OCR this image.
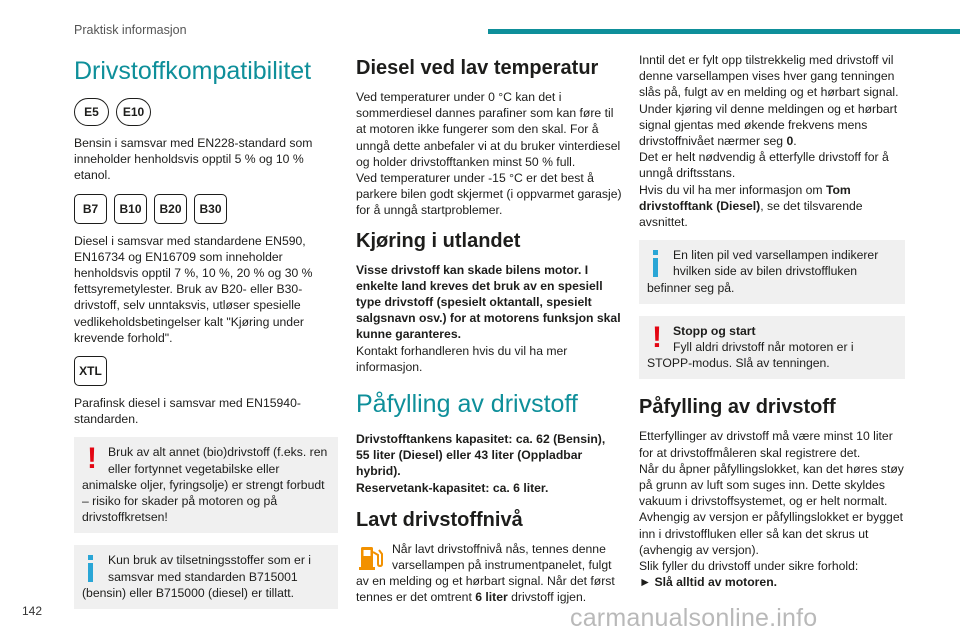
Praktisk informasjon
Drivstoffkompatibilitet
E5	E10

Bensin i samsvar med EN228-standard som inneholder henholdsvis opptil 5 % og 10 % etanol.

B7	B10	B20	B30

Diesel i samsvar med standardene EN590, EN16734 og EN16709 som inneholder henholdsvis opptil 7 %, 10 %, 20 % og 30 % fettsyremetylester. Bruk av B20- eller B30-drivstoff, selv unntaksvis, utløser spesielle vedlikeholdsbetingelser kalt "Kjøring under krevende forhold".

XTL

Parafinsk diesel i samsvar med EN15940-standarden.

! Bruk av alt annet (bio)drivstoff (f.eks. ren eller fortynnet vegetabilske eller animalske oljer, fyringsolje) er strengt forbudt – risiko for skader på motoren og på drivstoffkretsen!
Kun bruk av tilsetningsstoffer som er i samsvar med standarden B715001 (bensin) eller B715000 (diesel) er tillatt.
Diesel ved lav temperatur

Ved temperaturer under 0 °C kan det i sommerdiesel dannes parafiner som kan føre til at motoren ikke fungerer som den skal. For å unngå dette anbefaler vi at du bruker vinterdiesel og holder drivstofftanken minst 50 % full.

Ved temperaturer under -15 °C er det best å parkere bilen godt skjermet (i oppvarmet garasje) for å unngå startproblemer.

Kjøring i utlandet

Visse drivstoff kan skade bilens motor. I enkelte land kreves det bruk av en spesiell type drivstoff (spesielt oktantall, spesielt salgsnavn osv.) for at motorens funksjon skal kunne garanteres.

Kontakt forhandleren hvis du vil ha mer informasjon.

Påfylling av drivstoff

Drivstofftankens kapasitet: ca. 62 (Bensin), 55 liter (Diesel) eller 43 liter (Oppladbar hybrid).

Reservetank-kapasitet: ca. 6 liter.

Lavt drivstoffnivå

Når lavt drivstoffnivå nås, tennes denne varsellampen på instrumentpanelet, fulgt av en melding og et hørbart signal. Når det først tennes er det omtrent 6 liter drivstoff igjen.

Inntil det er fylt opp tilstrekkelig med drivstoff vil denne varsellampen vises hver gang tenningen slås på, fulgt av en melding og et hørbart signal. Under kjøring vil denne meldingen og et hørbart signal gjentas med økende frekvens mens drivstoffnivået nærmer seg 0.

Det er helt nødvendig å etterfylle drivstoff for å unngå driftsstans.

Hvis du vil ha mer informasjon om Tom drivstofftank (Diesel), se det tilsvarende avsnittet.

En liten pil ved varsellampen indikerer hvilken side av bilen drivstoffluken befinner seg på.
! Stopp og start
Fyll aldri drivstoff når motoren er i STOPP-modus. Slå av tenningen.
Påfylling av drivstoff

Etterfyllinger av drivstoff må være minst 10 liter for at drivstoffmåleren skal registrere det.

Når du åpner påfyllingslokket, kan det høres støy på grunn av luft som suges inn. Dette skyldes vakuum i drivstoffsystemet, og er helt normalt.

Avhengig av versjon er påfyllingslokket er bygget inn i drivstoffluken eller så kan det skrus ut (avhengig av versjon).

Slik fyller du drivstoff under sikre forhold:

► Slå alltid av motoren.

142	carmanualsonline.info
